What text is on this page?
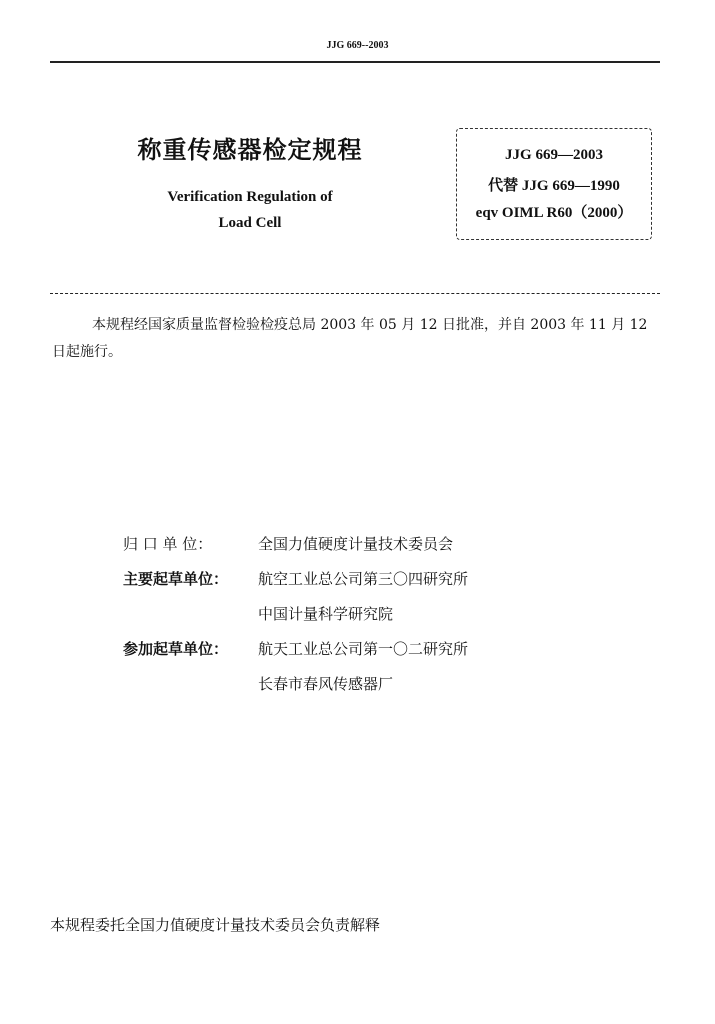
JJG 669--2003
称重传感器检定规程
Verification Regulation of
Load Cell
JJG 669—2003
代替 JJG 669—1990
eqv OIML R60（2000）
本规程经国家质量监督检验检疫总局 2003 年 05 月 12 日批准，并自 2003 年 11 月 12 日起施行。
归 口 单 位：	全国力值硬度计量技术委员会
主要起草单位：	航空工业总公司第三〇四研究所
中国计量科学研究院
参加起草单位：	航天工业总公司第一〇二研究所
长春市春风传感器厂
本规程委托全国力值硬度计量技术委员会负责解释
